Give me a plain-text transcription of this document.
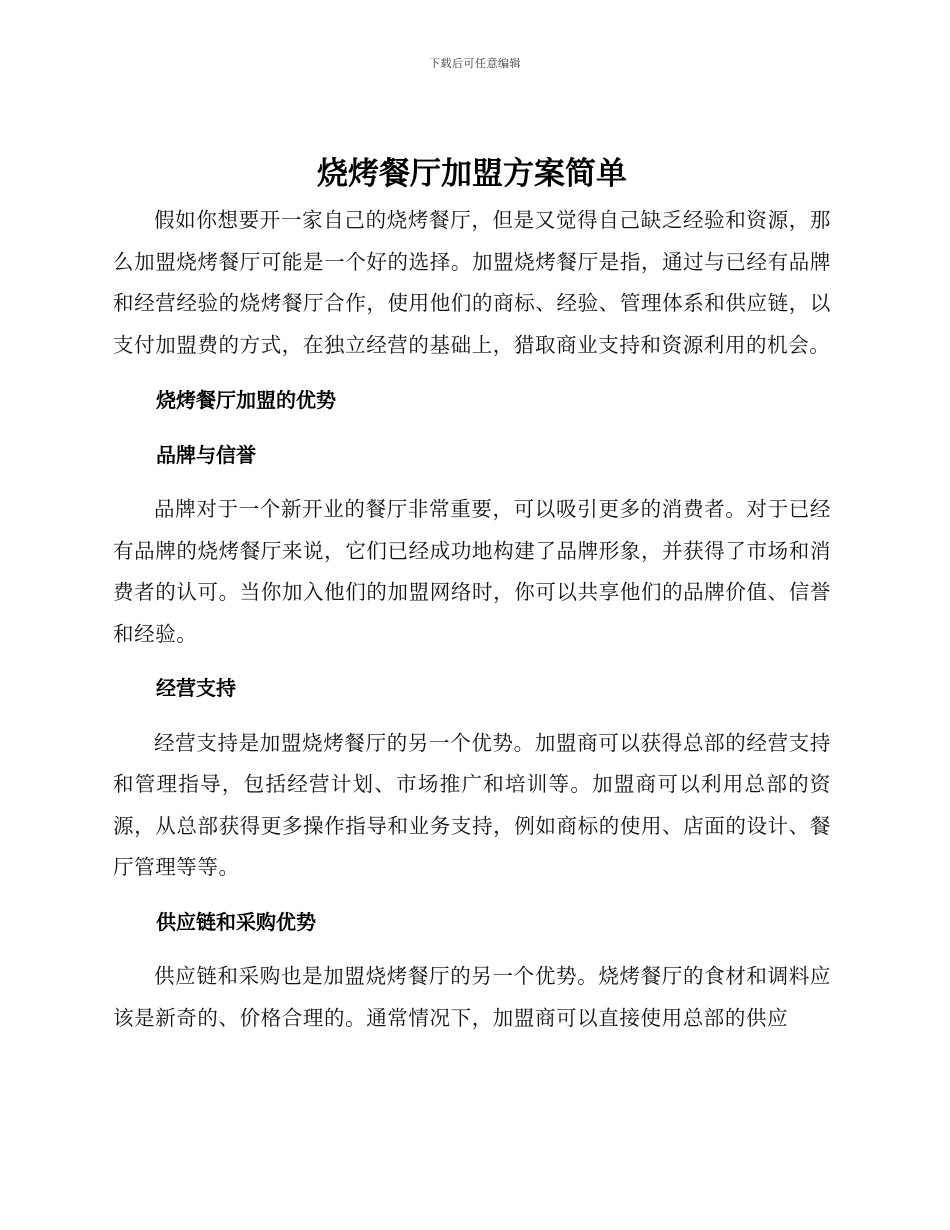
下载后可任意编辑
烧烤餐厅加盟方案简单

假如你想要开一家自己的烧烤餐厅，但是又觉得自己缺乏经验和资源，那么加盟烧烤餐厅可能是一个好的选择。加盟烧烤餐厅是指，通过与已经有品牌和经营经验的烧烤餐厅合作，使用他们的商标、经验、管理体系和供应链，以支付加盟费的方式，在独立经营的基础上，猎取商业支持和资源利用的机会。

烧烤餐厅加盟的优势
品牌与信誉

品牌对于一个新开业的餐厅非常重要，可以吸引更多的消费者。对于已经有品牌的烧烤餐厅来说，它们已经成功地构建了品牌形象，并获得了市场和消费者的认可。当你加入他们的加盟网络时，你可以共享他们的品牌价值、信誉和经验。

经营支持

经营支持是加盟烧烤餐厅的另一个优势。加盟商可以获得总部的经营支持和管理指导，包括经营计划、市场推广和培训等。加盟商可以利用总部的资源，从总部获得更多操作指导和业务支持，例如商标的使用、店面的设计、餐厅管理等等。

供应链和采购优势

供应链和采购也是加盟烧烤餐厅的另一个优势。烧烤餐厅的食材和调料应该是新奇的、价格合理的。通常情况下，加盟商可以直接使用总部的供应
